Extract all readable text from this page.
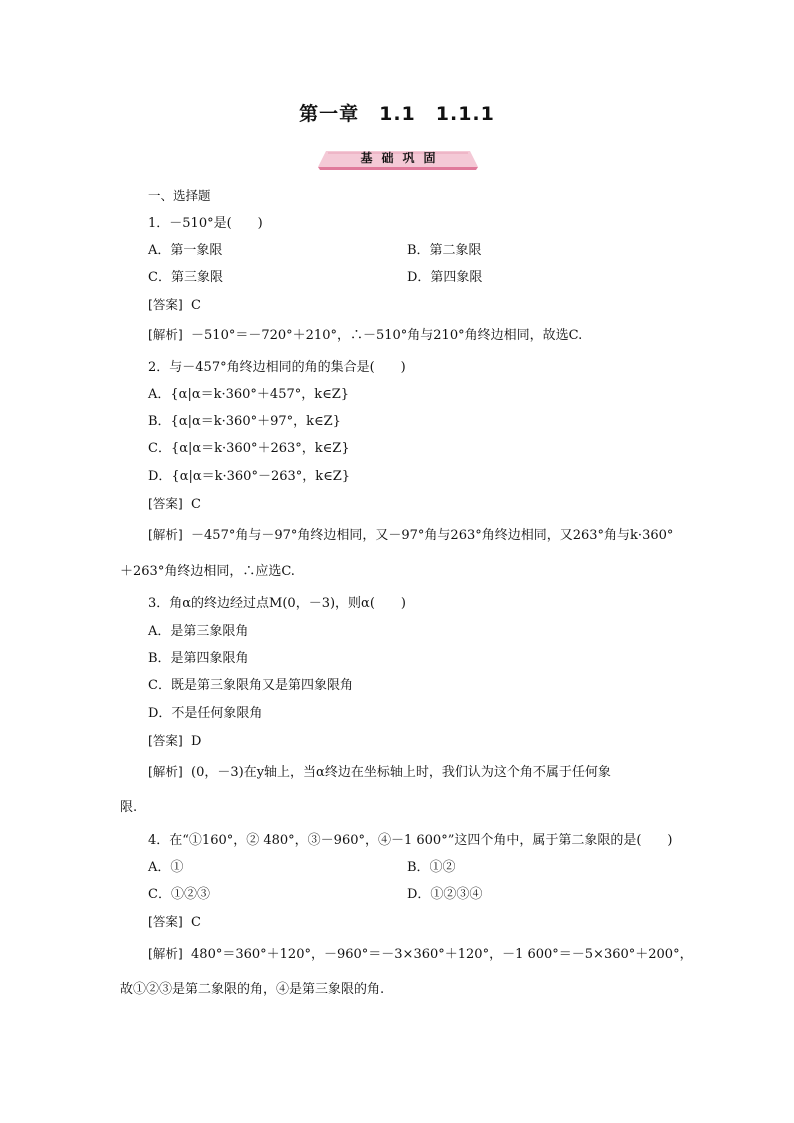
第一章　1.1　1.1.1
基础巩固
一、选择题
1．－510°是(　　)
A．第一象限	B．第二象限
C．第三象限	D．第四象限
[答案] C
[解析] －510°＝－720°＋210°，∴－510°角与210°角终边相同，故选C.
2．与－457°角终边相同的角的集合是(　　)
A．{α|α＝k·360°＋457°，k∈Z}
B．{α|α＝k·360°＋97°，k∈Z}
C．{α|α＝k·360°＋263°，k∈Z}
D．{α|α＝k·360°－263°，k∈Z}
[答案] C
[解析] －457°角与－97°角终边相同，又－97°角与263°角终边相同，又263°角与k·360°
＋263°角终边相同，∴应选C.
3．角α的终边经过点M(0，－3)，则α(　　)
A．是第三象限角
B．是第四象限角
C．既是第三象限角又是第四象限角
D．不是任何象限角
[答案] D
[解析] (0，－3)在y轴上，当α终边在坐标轴上时，我们认为这个角不属于任何象
限.
4．在“①160°，② 480°，③－960°，④－1 600°”这四个角中，属于第二象限的是(　　)
A．①	B．①②
C．①②③	D．①②③④
[答案] C
[解析] 480°＝360°＋120°，－960°＝－3×360°＋120°，－1 600°＝－5×360°＋200°，
故①②③是第二象限的角，④是第三象限的角.
